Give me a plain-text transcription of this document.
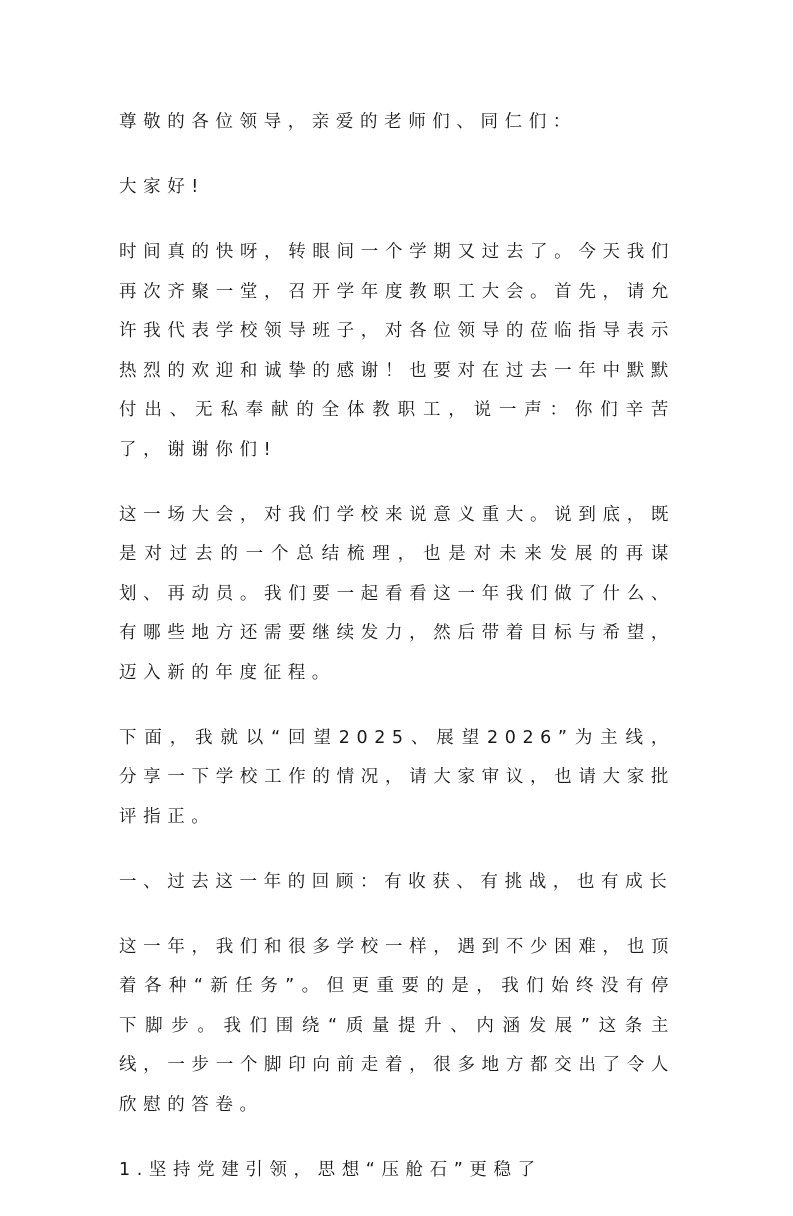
尊敬的各位领导，亲爱的老师们、同仁们：

大家好!

时间真的快呀，转眼间一个学期又过去了。今天我们再次齐聚一堂，召开学年度教职工大会。首先，请允许我代表学校领导班子，对各位领导的莅临指导表示热烈的欢迎和诚挚的感谢！也要对在过去一年中默默付出、无私奉献的全体教职工，说一声：你们辛苦了，谢谢你们!

这一场大会，对我们学校来说意义重大。说到底，既是对过去的一个总结梳理，也是对未来发展的再谋划、再动员。我们要一起看看这一年我们做了什么、有哪些地方还需要继续发力，然后带着目标与希望，迈入新的年度征程。

下面，我就以“回望2025、展望2026”为主线，分享一下学校工作的情况，请大家审议，也请大家批评指正。

一、过去这一年的回顾：有收获、有挑战，也有成长

这一年，我们和很多学校一样，遇到不少困难，也顶着各种“新任务”。但更重要的是，我们始终没有停下脚步。我们围绕“质量提升、内涵发展”这条主线，一步一个脚印向前走着，很多地方都交出了令人欣慰的答卷。

1.坚持党建引领，思想“压舱石”更稳了
